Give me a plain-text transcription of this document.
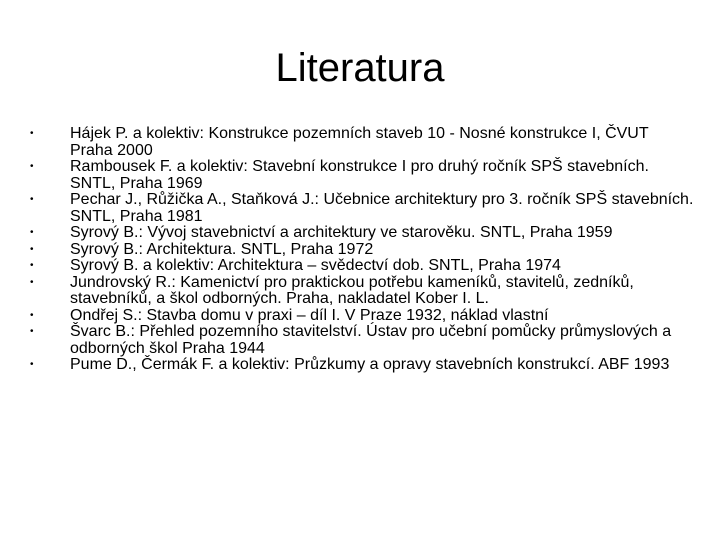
Literatura
•	Hájek P. a kolektiv: Konstrukce pozemních staveb 10 - Nosné konstrukce I, ČVUT Praha 2000
•	Rambousek F. a kolektiv: Stavební konstrukce I pro druhý ročník SPŠ stavebních. SNTL, Praha 1969
•	Pechar J., Růžička A., Staňková J.: Učebnice architektury pro 3. ročník SPŠ stavebních. SNTL, Praha 1981
•	Syrový B.: Vývoj stavebnictví a architektury ve starověku. SNTL, Praha 1959
•	Syrový B.: Architektura. SNTL, Praha 1972
•	Syrový B. a kolektiv: Architektura – svědectví dob. SNTL, Praha 1974
•	Jundrovský R.: Kamenictví pro praktickou potřebu kameníků, stavitelů, zedníků, stavebníků, a škol odborných. Praha, nakladatel Kober I. L.
•	Ondřej S.: Stavba domu v praxi – díl I. V Praze 1932, náklad vlastní
•	Švarc B.: Přehled pozemního stavitelství. Ústav pro učební pomůcky průmyslových a odborných škol Praha 1944
•	Pume D., Čermák F. a kolektiv: Průzkumy a opravy stavebních konstrukcí. ABF 1993
